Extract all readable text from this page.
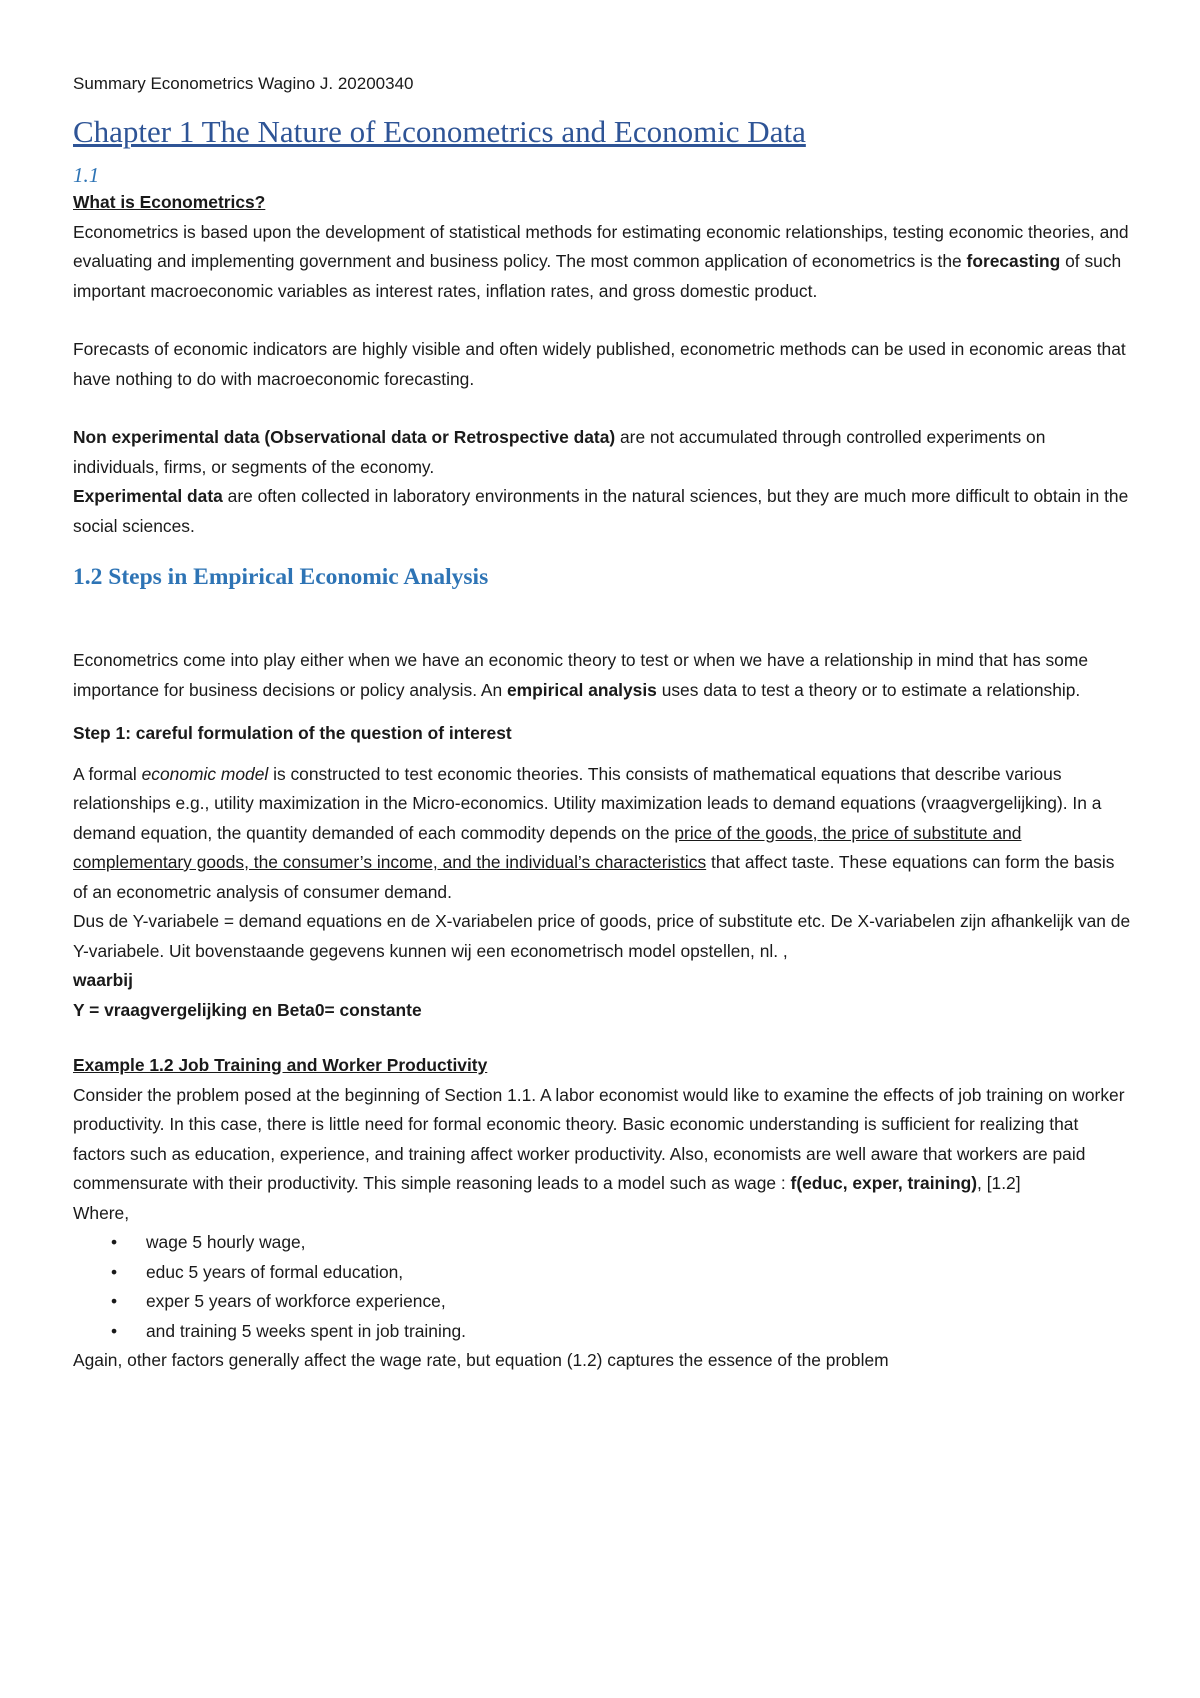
Summary Econometrics Wagino J. 20200340

Chapter 1 The Nature of Econometrics and Economic Data
1.1

What is Econometrics?

Econometrics is based upon the development of statistical methods for estimating economic relationships, testing economic theories, and evaluating and implementing government and business policy. The most common application of econometrics is the forecasting of such important macroeconomic variables as interest rates, inflation rates, and gross domestic product.

Forecasts of economic indicators are highly visible and often widely published, econometric methods can be used in economic areas that have nothing to do with macroeconomic forecasting.

Non experimental data (Observational data or Retrospective data) are not accumulated through controlled experiments on individuals, firms, or segments of the economy.

Experimental data are often collected in laboratory environments in the natural sciences, but they are much more difficult to obtain in the social sciences.

1.2 Steps in Empirical Economic Analysis

Econometrics come into play either when we have an economic theory to test or when we have a relationship in mind that has some importance for business decisions or policy analysis. An empirical analysis uses data to test a theory or to estimate a relationship.

Step 1: careful formulation of the question of interest

A formal economic model is constructed to test economic theories. This consists of mathematical equations that describe various relationships e.g., utility maximization in the Micro-economics. Utility maximization leads to demand equations (vraagvergelijking). In a demand equation, the quantity demanded of each commodity depends on the price of the goods, the price of substitute and complementary goods, the consumer’s income, and the individual’s characteristics that affect taste. These equations can form the basis of an econometric analysis of consumer demand.

Dus de Y-variabele = demand equations en de X-variabelen price of goods, price of substitute etc. De X-variabelen zijn afhankelijk van de Y-variabele. Uit bovenstaande gegevens kunnen wij een econometrisch model opstellen, nl. ,

waarbij

Y = vraagvergelijking en Beta0= constante

Example 1.2 Job Training and Worker Productivity

Consider the problem posed at the beginning of Section 1.1. A labor economist would like to examine the effects of job training on worker productivity. In this case, there is little need for formal economic theory. Basic economic understanding is sufficient for realizing that factors such as education, experience, and training affect worker productivity. Also, economists are well aware that workers are paid commensurate with their productivity. This simple reasoning leads to a model such as wage : f(educ, exper, training), [1.2]

Where,

• wage 5 hourly wage,
• educ 5 years of formal education,
• exper 5 years of workforce experience,
• and training 5 weeks spent in job training.

Again, other factors generally affect the wage rate, but equation (1.2) captures the essence of the problem
